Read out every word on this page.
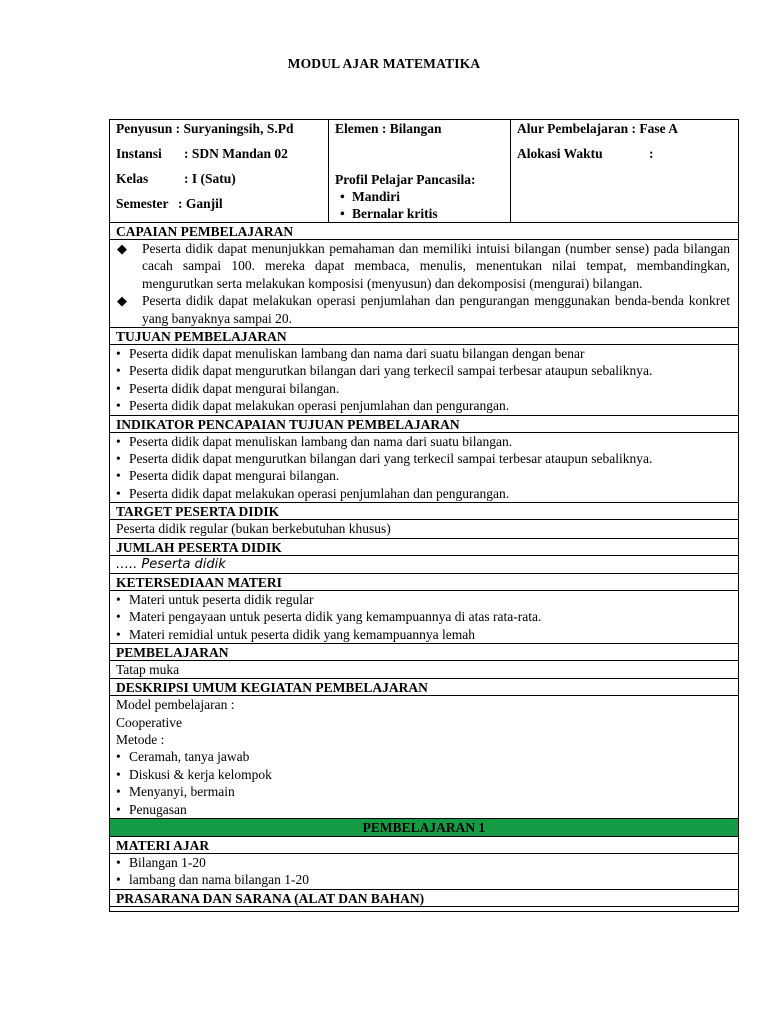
MODUL AJAR MATEMATIKA
Penyusun : Suryaningsih, S.Pd
Instansi : SDN Mandan 02
Kelas	: I (Satu)
Semester : Ganjil
Elemen : Bilangan
Profil Pelajar Pancasila:
• Mandiri
• Bernalar kritis
Alur Pembelajaran : Fase A
Alokasi Waktu	:
CAPAIAN PEMBELAJARAN
◆ Peserta didik dapat menunjukkan pemahaman dan memiliki intuisi bilangan (number sense) pada bilangan cacah sampai 100. mereka dapat membaca, menulis, menentukan nilai tempat, membandingkan, mengurutkan serta melakukan komposisi (menyusun) dan dekomposisi (mengurai) bilangan.
◆ Peserta didik dapat melakukan operasi penjumlahan dan pengurangan menggunakan benda-benda konkret yang banyaknya sampai 20.
TUJUAN PEMBELAJARAN
• Peserta didik dapat menuliskan lambang dan nama dari suatu bilangan dengan benar
• Peserta didik dapat mengurutkan bilangan dari yang terkecil sampai terbesar ataupun sebaliknya.
• Peserta didik dapat mengurai bilangan.
• Peserta didik dapat melakukan operasi penjumlahan dan pengurangan.
INDIKATOR PENCAPAIAN TUJUAN PEMBELAJARAN
• Peserta didik dapat menuliskan lambang dan nama dari suatu bilangan.
• Peserta didik dapat mengurutkan bilangan dari yang terkecil sampai terbesar ataupun sebaliknya.
• Peserta didik dapat mengurai bilangan.
• Peserta didik dapat melakukan operasi penjumlahan dan pengurangan.
TARGET PESERTA DIDIK
Peserta didik regular (bukan berkebutuhan khusus)
JUMLAH PESERTA DIDIK
….. Peserta didik
KETERSEDIAAN MATERI
• Materi untuk peserta didik regular
• Materi pengayaan untuk peserta didik yang kemampuannya di atas rata-rata.
• Materi remidial untuk peserta didik yang kemampuannya lemah
PEMBELAJARAN
Tatap muka
DESKRIPSI UMUM KEGIATAN PEMBELAJARAN
Model pembelajaran :
Cooperative
Metode :
• Ceramah, tanya jawab
• Diskusi & kerja kelompok
• Menyanyi, bermain
• Penugasan
PEMBELAJARAN 1
MATERI AJAR
• Bilangan 1-20
• lambang dan nama bilangan 1-20
PRASARANA DAN SARANA (ALAT DAN BAHAN)
